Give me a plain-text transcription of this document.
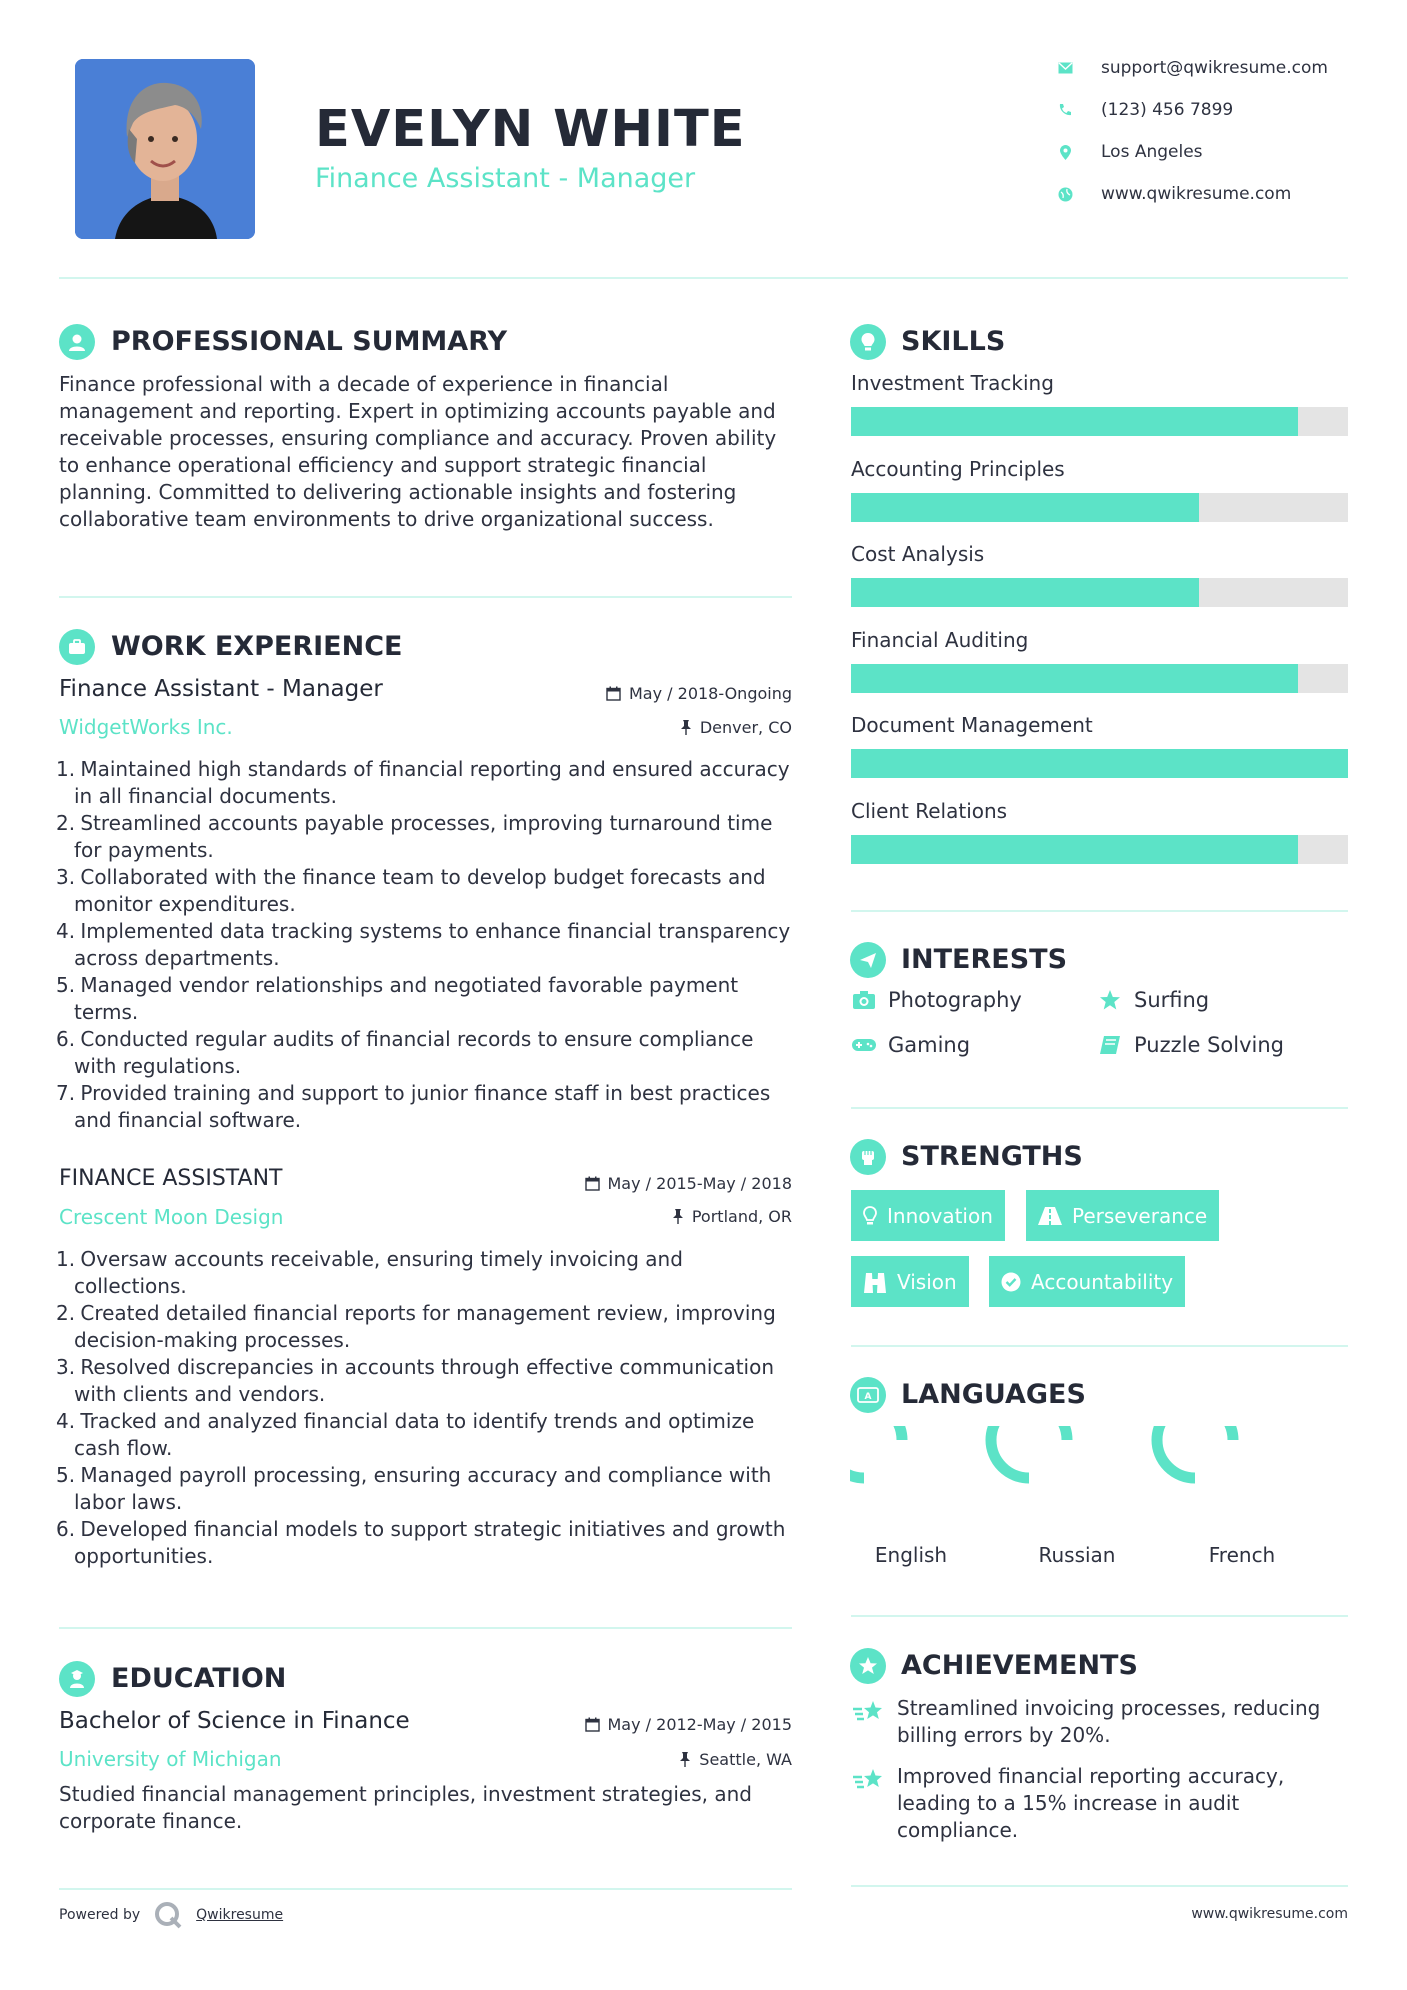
EVELYN WHITE
Finance Assistant - Manager
support@qwikresume.com
(123) 456 7899
Los Angeles
www.qwikresume.com
PROFESSIONAL SUMMARY
Finance professional with a decade of experience in financial management and reporting. Expert in optimizing accounts payable and receivable processes, ensuring compliance and accuracy. Proven ability to enhance operational efficiency and support strategic financial planning. Committed to delivering actionable insights and fostering collaborative team environments to drive organizational success.
WORK EXPERIENCE
Finance Assistant - Manager	May / 2018-Ongoing
WidgetWorks Inc.	Denver, CO
1. Maintained high standards of financial reporting and ensured accuracy in all financial documents.
2. Streamlined accounts payable processes, improving turnaround time for payments.
3. Collaborated with the finance team to develop budget forecasts and monitor expenditures.
4. Implemented data tracking systems to enhance financial transparency across departments.
5. Managed vendor relationships and negotiated favorable payment terms.
6. Conducted regular audits of financial records to ensure compliance with regulations.
7. Provided training and support to junior finance staff in best practices and financial software.
FINANCE ASSISTANT	May / 2015-May / 2018
Crescent Moon Design	Portland, OR
1. Oversaw accounts receivable, ensuring timely invoicing and collections.
2. Created detailed financial reports for management review, improving decision-making processes.
3. Resolved discrepancies in accounts through effective communication with clients and vendors.
4. Tracked and analyzed financial data to identify trends and optimize cash flow.
5. Managed payroll processing, ensuring accuracy and compliance with labor laws.
6. Developed financial models to support strategic initiatives and growth opportunities.
EDUCATION
Bachelor of Science in Finance	May / 2012-May / 2015
University of Michigan	Seattle, WA
Studied financial management principles, investment strategies, and corporate finance.
Powered by	Qwikresume	www.qwikresume.com
SKILLS
Investment Tracking
Accounting Principles
Cost Analysis
Financial Auditing
Document Management
Client Relations
INTERESTS
Photography	Surfing
Gaming	Puzzle Solving
STRENGTHS
Innovation	Perseverance
Vision	Accountability
A LANGUAGES
English	Russian	French
ACHIEVEMENTS
Streamlined invoicing processes, reducing billing errors by 20%.
Improved financial reporting accuracy, leading to a 15% increase in audit compliance.
